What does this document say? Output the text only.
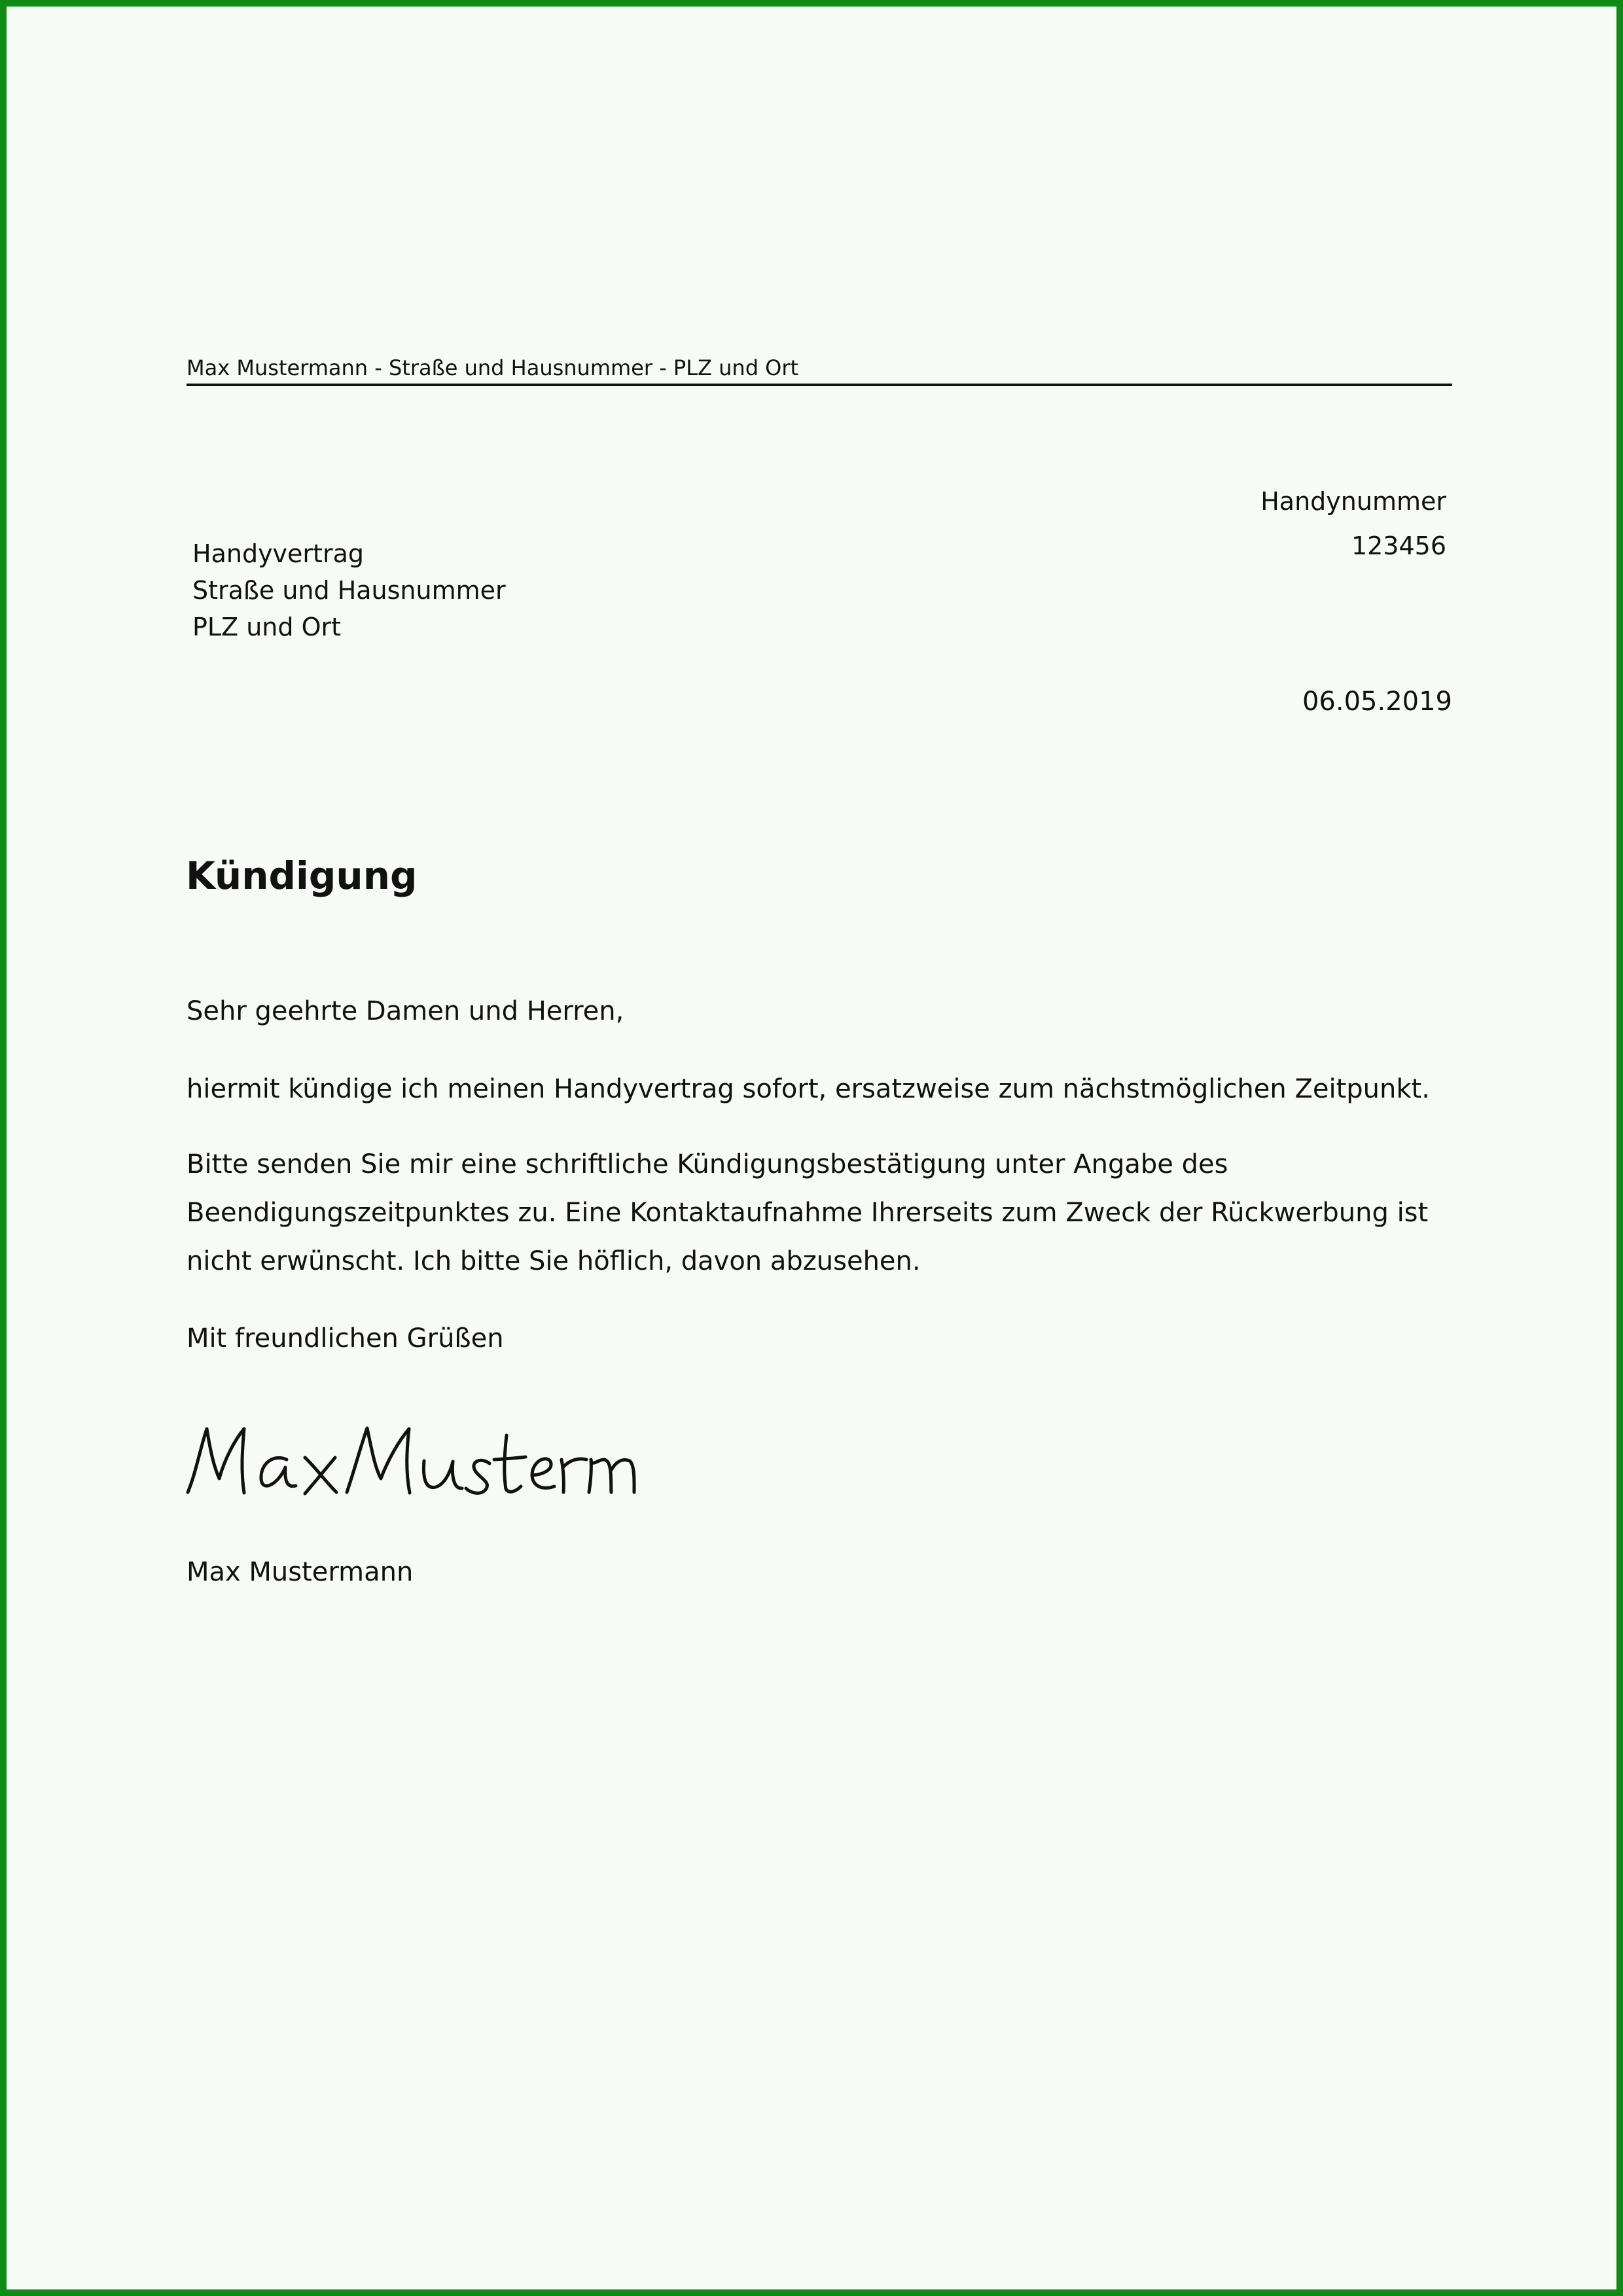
Max Mustermann - Straße und Hausnummer - PLZ und Ort
Handyvertrag
Straße und Hausnummer
PLZ und Ort
Handynummer
123456
06.05.2019
Kündigung
Sehr geehrte Damen und Herren,
hiermit kündige ich meinen Handyvertrag sofort, ersatzweise zum nächstmöglichen Zeitpunkt.
Bitte senden Sie mir eine schriftliche Kündigungsbestätigung unter Angabe des Beendigungszeitpunktes zu. Eine Kontaktaufnahme Ihrerseits zum Zweck der Rückwerbung ist nicht erwünscht. Ich bitte Sie höflich, davon abzusehen.
Mit freundlichen Grüßen
Max Mustermann
